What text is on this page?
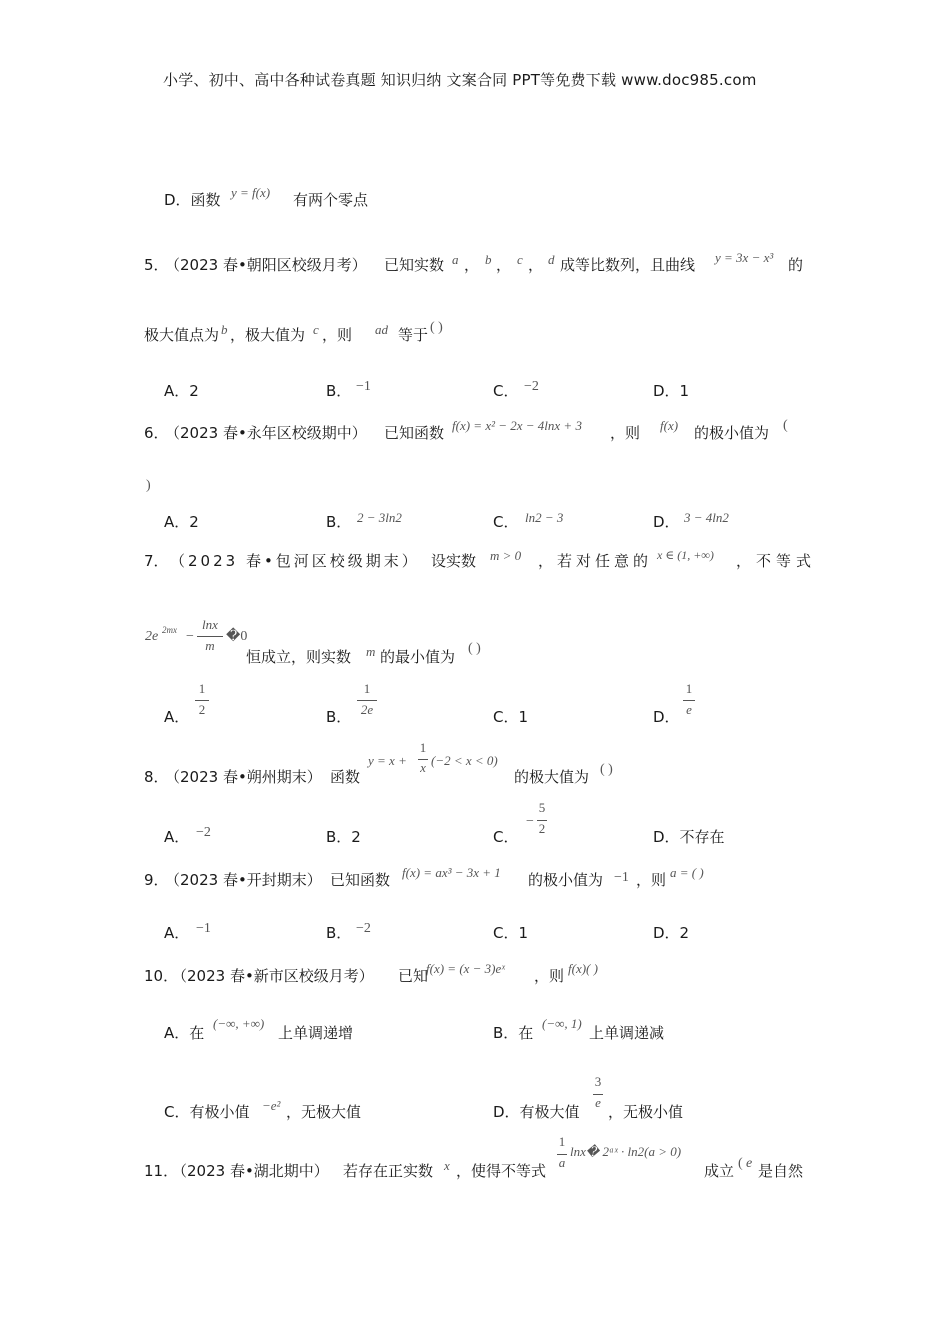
小学、初中、高中各种试卷真题 知识归纳 文案合同 PPT等免费下载 www.doc985.com
D．函数 y = f(x) 有两个零点
5．
（2023 春•朝阳区校级月考） 已知实数 a ， b ， c ， d 成等比数列，且曲线 y = 3x − x³ 的
极大值点为 b ，极大值为 c ，则 ad 等于 ( )
A．2	B． −1	C． −2	D．1
6．
（2023 春•永年区校级期中） 已知函数 f(x) = x² − 2x − 4lnx + 3 ，则 f(x) 的极小值为 (
)
A．2	B． 2 − 3ln2	C． ln2 − 3	D． 3 − 4ln2
7． （2023 春•包河区校级期末） 设实数 m > 0 ，若对任意的 x ∈ (1, +∞) ，不等式
2e 2mx −
lnx
m
�0
恒成立，则实数 m 的最小值为 ( )
A．
1
2	B．
1
2e	C．1	D．
1
e
8．
（2023 春•朔州期末） 函数
y = x +
1
x (−2 < x < 0)
的极大值为 ( )
A． −2	B．2	C．
−
5
2	D．不存在
9．
（2023 春•开封期末） 已知函数 f(x) = ax³ − 3x + 1 的极小值为 −1 ，则 a = ( )
A． −1	B． −2	C．1	D．2
10．
（2023 春•新市区校级月考） 已知
f(x) = (x − 3)eˣ ，则 f(x)( )
A．在
(−∞, +∞)
上单调递增	B．在
(−∞, 1)
上单调递减
C．有极小值 −e² ，无极大值	D．有极大值
3
e
，无极小值
11．
（2023 春•湖北期中） 若存在正实数 x ，使得不等式
1
a
lnx� 2ᵃˣ · ln2(a > 0)
成立 ( e 是自然
